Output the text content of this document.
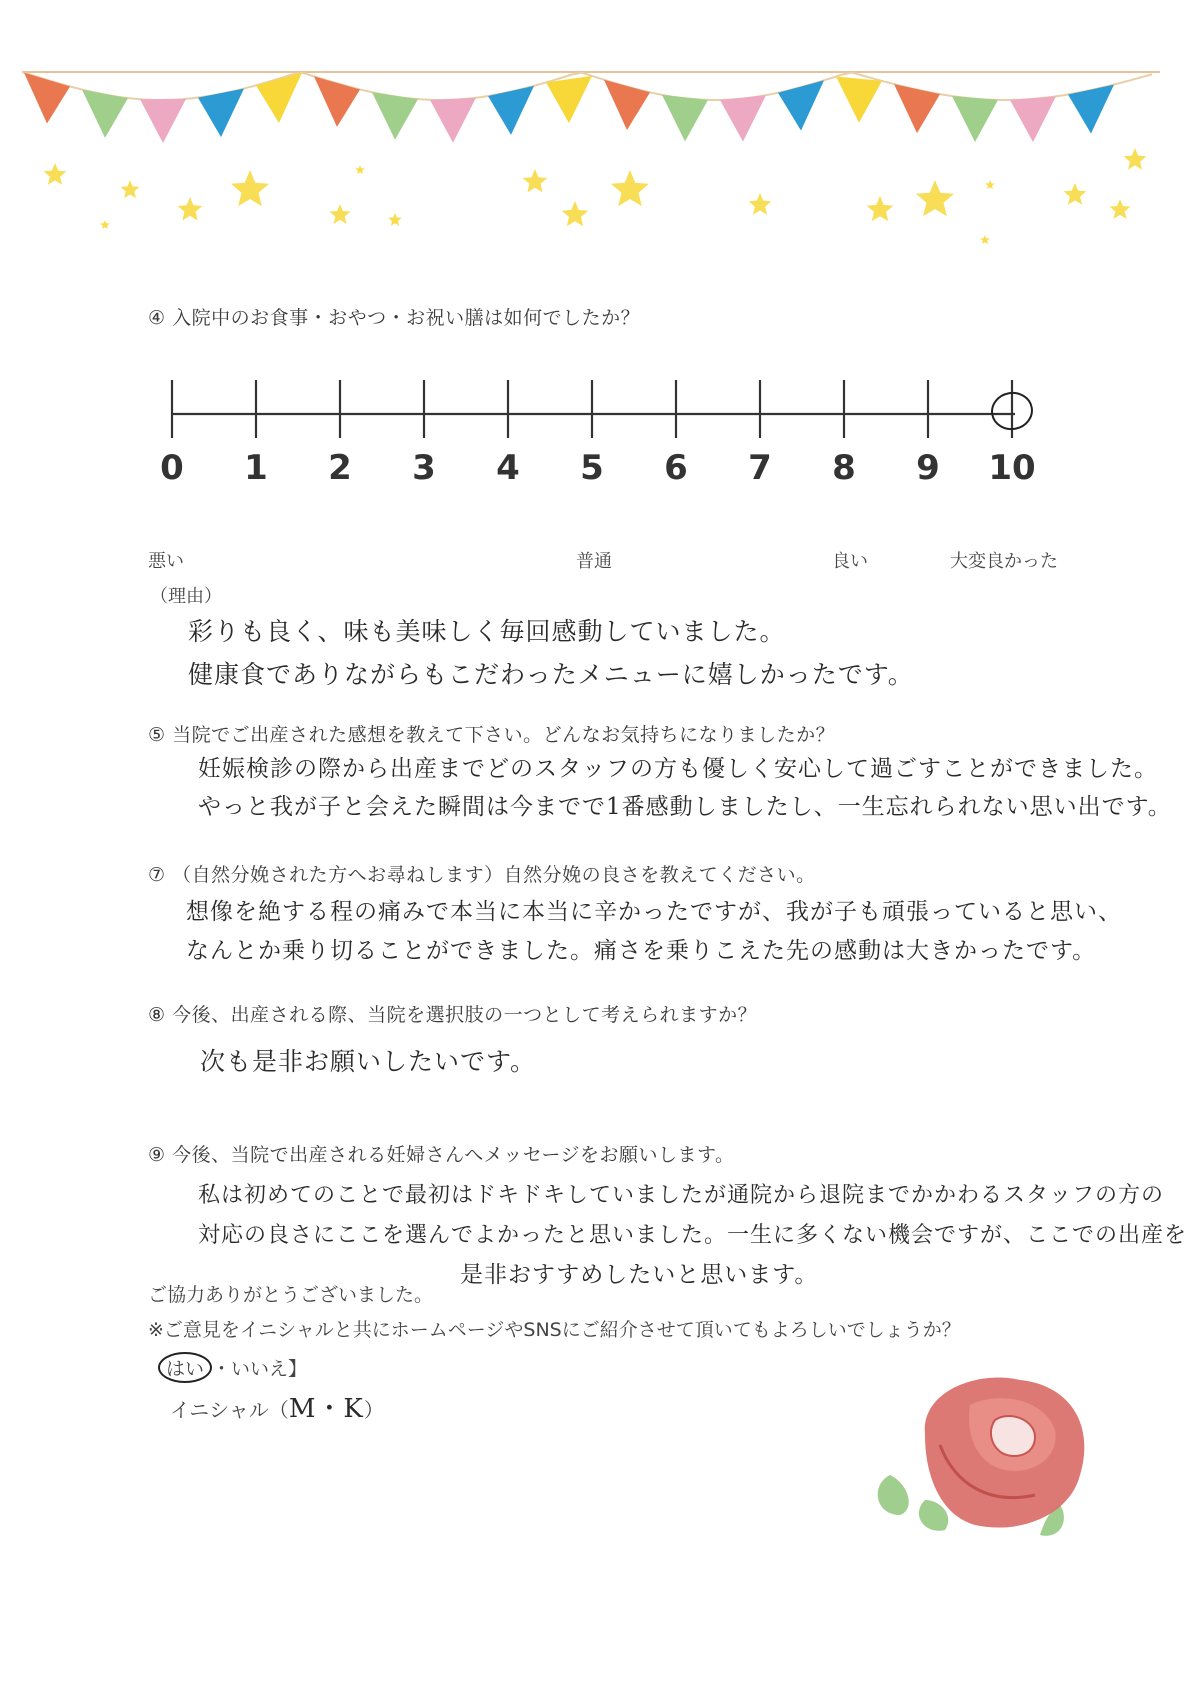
④ 入院中のお食事・おやつ・お祝い膳は如何でしたか？
0 1 2 3 4 5 6 7 8 9 10
悪い	普通	良い	大変良かった
（理由）
彩りも良く、味も美味しく毎回感動していました。
健康食でありながらもこだわったメニューに嬉しかったです。
⑤ 当院でご出産された感想を教えて下さい。どんなお気持ちになりましたか？
妊娠検診の際から出産までどのスタッフの方も優しく安心して過ごすことができました。
やっと我が子と会えた瞬間は今までで1番感動しましたし、一生忘れられない思い出です。
⑦ （自然分娩された方へお尋ねします）自然分娩の良さを教えてください。
想像を絶する程の痛みで本当に本当に辛かったですが、我が子も頑張っていると思い、
なんとか乗り切ることができました。痛さを乗りこえた先の感動は大きかったです。
⑧ 今後、出産される際、当院を選択肢の一つとして考えられますか？
次も是非お願いしたいです。
⑨ 今後、当院で出産される妊婦さんへメッセージをお願いします。
私は初めてのことで最初はドキドキしていましたが通院から退院までかかわるスタッフの方の
対応の良さにここを選んでよかったと思いました。一生に多くない機会ですが、ここでの出産を
是非おすすめしたいと思います。
ご協力ありがとうございました。
※ご意見をイニシャルと共にホームページやSNSにご紹介させて頂いてもよろしいでしょうか？
はい ・いいえ】
イニシャル（M・K）
